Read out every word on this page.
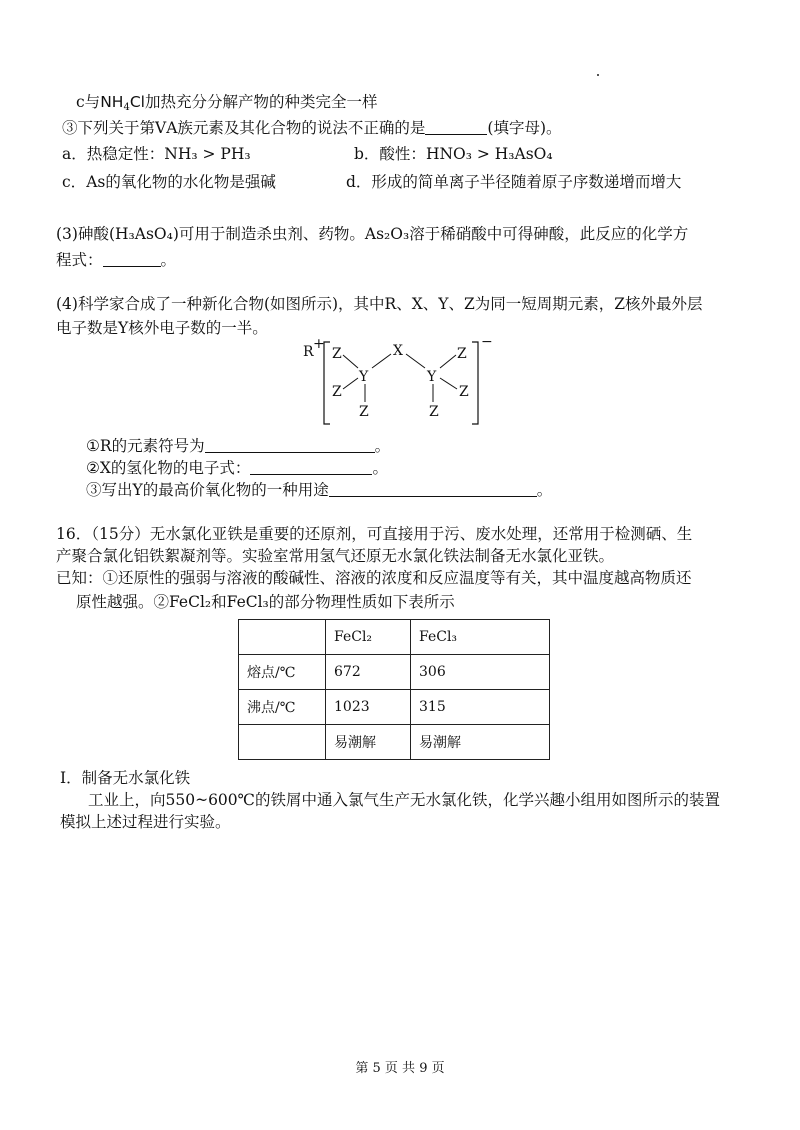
c与$NH_4Cl$加热充分分解产物的种类完全一样
③下列关于第ⅤA族元素及其化合物的说法不正确的是	(填字母)。
a．热稳定性：NH₃ > PH₃	b．酸性：HNO₃ > H₃AsO₄
c．As的氧化物的水化物是强碱	d．形成的简单离子半径随着原子序数递增而增大
(3)砷酸(H₃AsO₄)可用于制造杀虫剂、药物。As₂O₃溶于稀硝酸中可得砷酸，此反应的化学方
程式：	。
(4)科学家合成了一种新化合物(如图所示)，其中R、X、Y、Z为同一短周期元素，Z核外最外层
电子数是Y核外电子数的一半。
R +	−
X
Y	Y
Z
Z
Z
Z
Z
Z
①R的元素符号为	。
②X的氢化物的电子式：	。
③写出Y的最高价氧化物的一种用途	。
16．（15分）无水氯化亚铁是重要的还原剂，可直接用于污、废水处理，还常用于检测硒、生
产聚合氯化铝铁絮凝剂等。实验室常用氢气还原无水氯化铁法制备无水氯化亚铁。
已知：①还原性的强弱与溶液的酸碱性、溶液的浓度和反应温度等有关，其中温度越高物质还
原性越强。②FeCl₂和FeCl₃的部分物理性质如下表所示
	FeCl₂	FeCl₃
熔点/℃	672	306
沸点/℃	1023	315
	易潮解	易潮解
Ⅰ．制备无水氯化铁
工业上，向550~600℃的铁屑中通入氯气生产无水氯化铁，化学兴趣小组用如图所示的装置
模拟上述过程进行实验。
第 5 页 共 9 页
